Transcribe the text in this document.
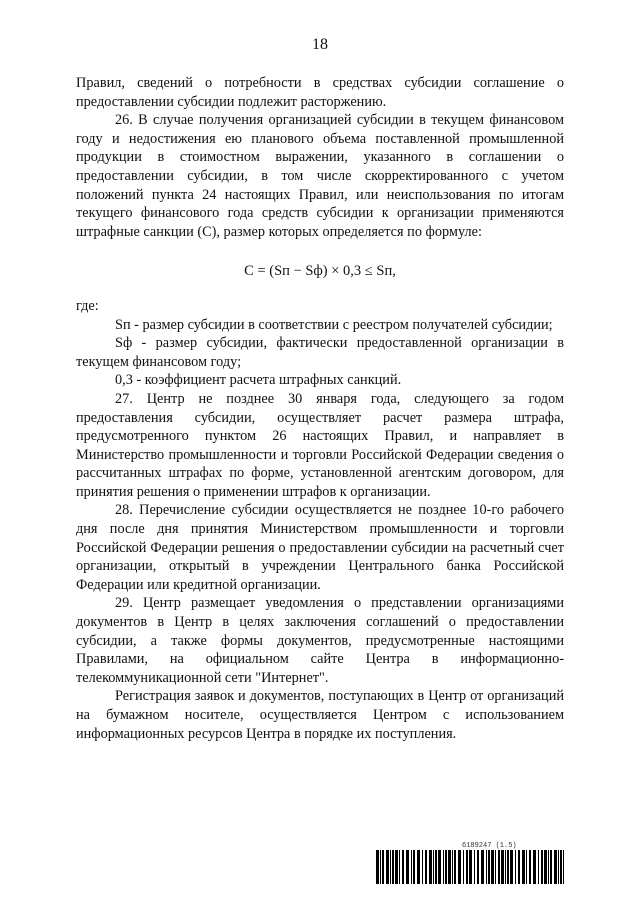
18

Правил, сведений о потребности в средствах субсидии соглашение о предоставлении субсидии подлежит расторжению.

26. В случае получения организацией субсидии в текущем финансовом году и недостижения ею планового объема поставленной промышленной продукции в стоимостном выражении, указанного в соглашении о предоставлении субсидии, в том числе скорректированного с учетом положений пункта 24 настоящих Правил, или неиспользования по итогам текущего финансового года средств субсидии к организации применяются штрафные санкции (С), размер которых определяется по формуле:

C = (Sп − Sф) × 0,3 ≤ Sп,

где:

Sп - размер субсидии в соответствии с реестром получателей субсидии;

Sф - размер субсидии, фактически предоставленной организации в текущем финансовом году;

0,3 - коэффициент расчета штрафных санкций.

27. Центр не позднее 30 января года, следующего за годом предоставления субсидии, осуществляет расчет размера штрафа, предусмотренного пунктом 26 настоящих Правил, и направляет в Министерство промышленности и торговли Российской Федерации сведения о рассчитанных штрафах по форме, установленной агентским договором, для принятия решения о применении штрафов к организации.

28. Перечисление субсидии осуществляется не позднее 10-го рабочего дня после дня принятия Министерством промышленности и торговли Российской Федерации решения о предоставлении субсидии на расчетный счет организации, открытый в учреждении Центрального банка Российской Федерации или кредитной организации.

29. Центр размещает уведомления о представлении организациями документов в Центр в целях заключения соглашений о предоставлении субсидии, а также формы документов, предусмотренные настоящими Правилами, на официальном сайте Центра в информационно-телекоммуникационной сети "Интернет".

Регистрация заявок и документов, поступающих в Центр от организаций на бумажном носителе, осуществляется Центром с использованием информационных ресурсов Центра в порядке их поступления.

6189247 (1.5)
